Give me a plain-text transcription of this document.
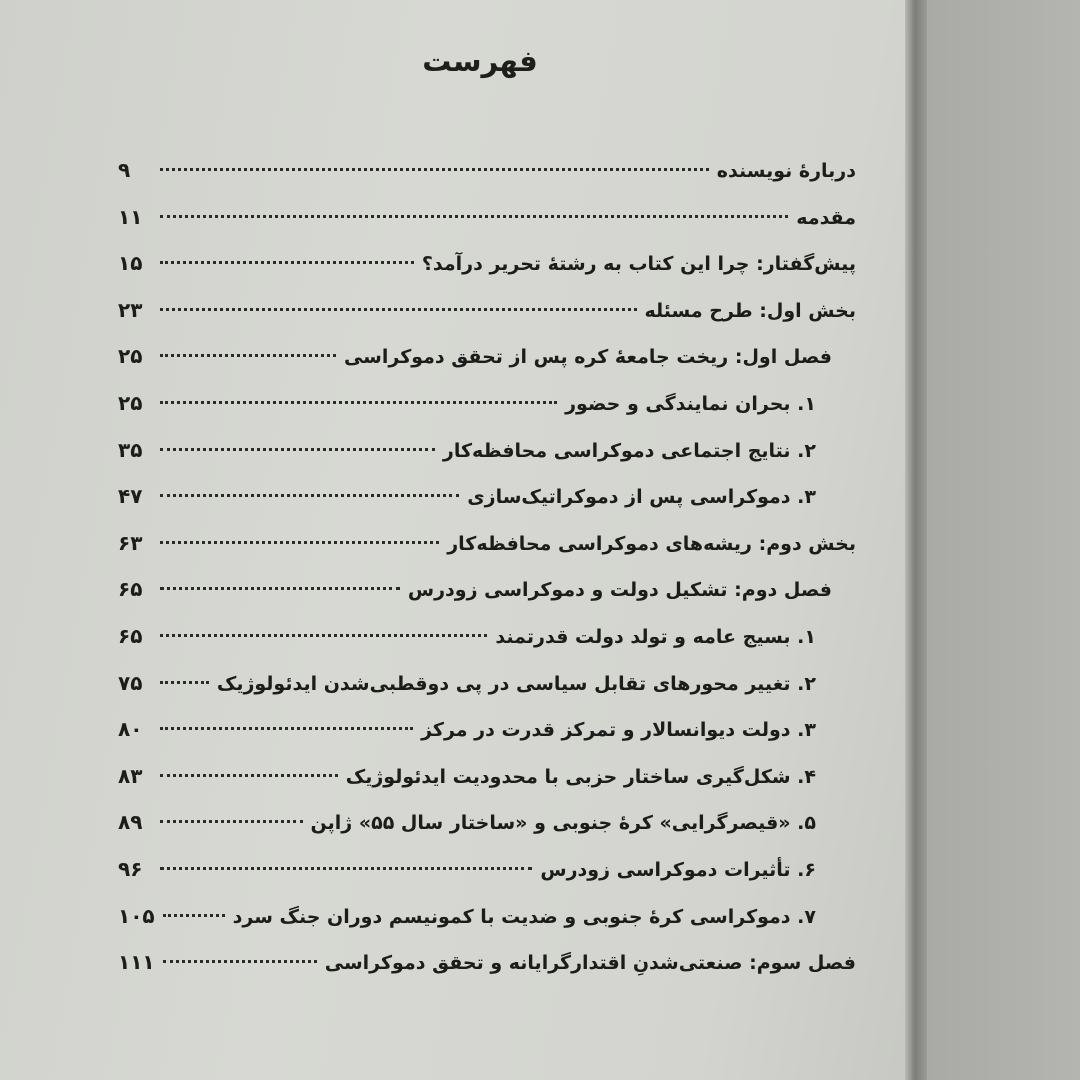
فهرست
دربارهٔ نویسنده
۹
مقدمه
۱۱
پیش‌گفتار: چرا این کتاب به رشتهٔ تحریر درآمد؟
۱۵
بخش اول: طرح مسئله
۲۳
فصل اول: ریخت جامعهٔ کره پس از تحقق دموکراسی
۲۵
۱. بحران نمایندگی و حضور
۲۵
۲. نتایج اجتماعی دموکراسی محافظه‌کار
۳۵
۳. دموکراسی پس از دموکراتیک‌سازی
۴۷
بخش دوم: ریشه‌های دموکراسی محافظه‌کار
۶۳
فصل دوم: تشکیل دولت و دموکراسی زودرس
۶۵
۱. بسیج عامه و تولد دولت قدرتمند
۶۵
۲. تغییر محورهای تقابل سیاسی در پی دوقطبی‌شدن ایدئولوژیک
۷۵
۳. دولت دیوانسالار و تمرکز قدرت در مرکز
۸۰
۴. شکل‌گیری ساختار حزبی با محدودیت ایدئولوژیک
۸۳
۵. «قیصرگرایی» کرهٔ جنوبی و «ساختار سال ۵۵» ژاپن
۸۹
۶. تأثیرات دموکراسی زودرس
۹۶
۷. دموکراسی کرهٔ جنوبی و ضدیت با کمونیسم دوران جنگ سرد
۱۰۵
فصل سوم: صنعتی‌شدنِ اقتدارگرایانه و تحقق دموکراسی
۱۱۱
